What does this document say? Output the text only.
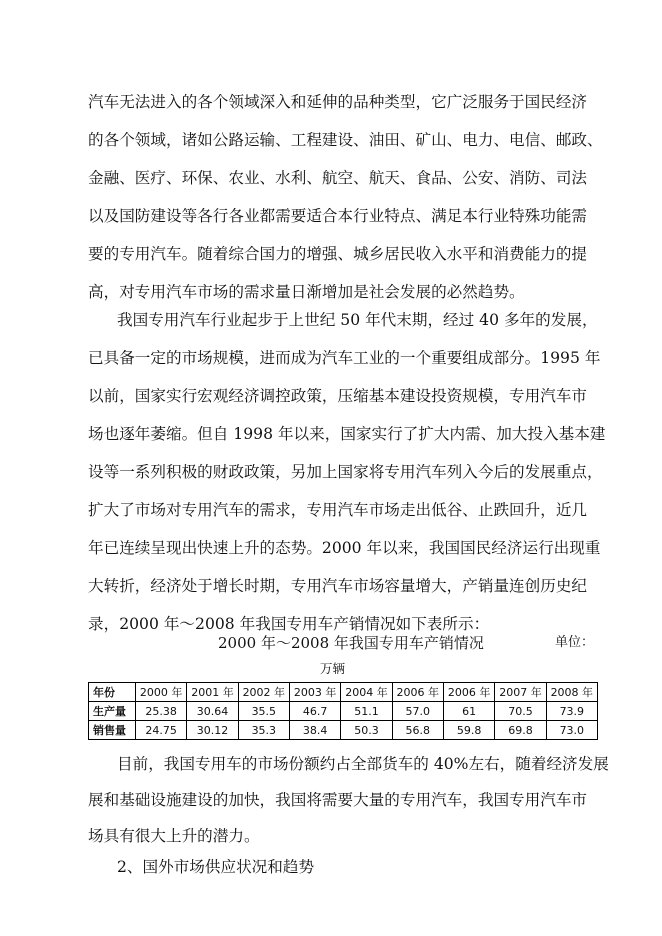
汽车无法进入的各个领域深入和延伸的品种类型，它广泛服务于国民经济
的各个领域，诸如公路运输、工程建设、油田、矿山、电力、电信、邮政、
金融、医疗、环保、农业、水利、航空、航天、食品、公安、消防、司法
以及国防建设等各行各业都需要适合本行业特点、满足本行业特殊功能需
要的专用汽车。随着综合国力的增强、城乡居民收入水平和消费能力的提
高，对专用汽车市场的需求量日渐增加是社会发展的必然趋势。
我国专用汽车行业起步于上世纪 50 年代末期，经过 40 多年的发展，
已具备一定的市场规模，进而成为汽车工业的一个重要组成部分。1995 年
以前，国家实行宏观经济调控政策，压缩基本建设投资规模，专用汽车市
场也逐年萎缩。但自 1998 年以来，国家实行了扩大内需、加大投入基本建
设等一系列积极的财政政策，另加上国家将专用汽车列入今后的发展重点，
扩大了市场对专用汽车的需求，专用汽车市场走出低谷、止跌回升，近几
年已连续呈现出快速上升的态势。2000 年以来，我国国民经济运行出现重
大转折，经济处于增长时期，专用汽车市场容量增大，产销量连创历史纪
录，2000 年～2008 年我国专用车产销情况如下表所示：
2000 年～2008 年我国专用车产销情况	单位：
万辆
年份	2000 年	2001 年	2002 年	2003 年	2004 年	2006 年	2006 年	2007 年	2008 年
生产量	25.38	30.64	35.5	46.7	51.1	57.0	61	70.5	73.9
销售量	24.75	30.12	35.3	38.4	50.3	56.8	59.8	69.8	73.0
目前，我国专用车的市场份额约占全部货车的 40%左右，随着经济发展
展和基础设施建设的加快，我国将需要大量的专用汽车，我国专用汽车市
场具有很大上升的潜力。
2、国外市场供应状况和趋势
